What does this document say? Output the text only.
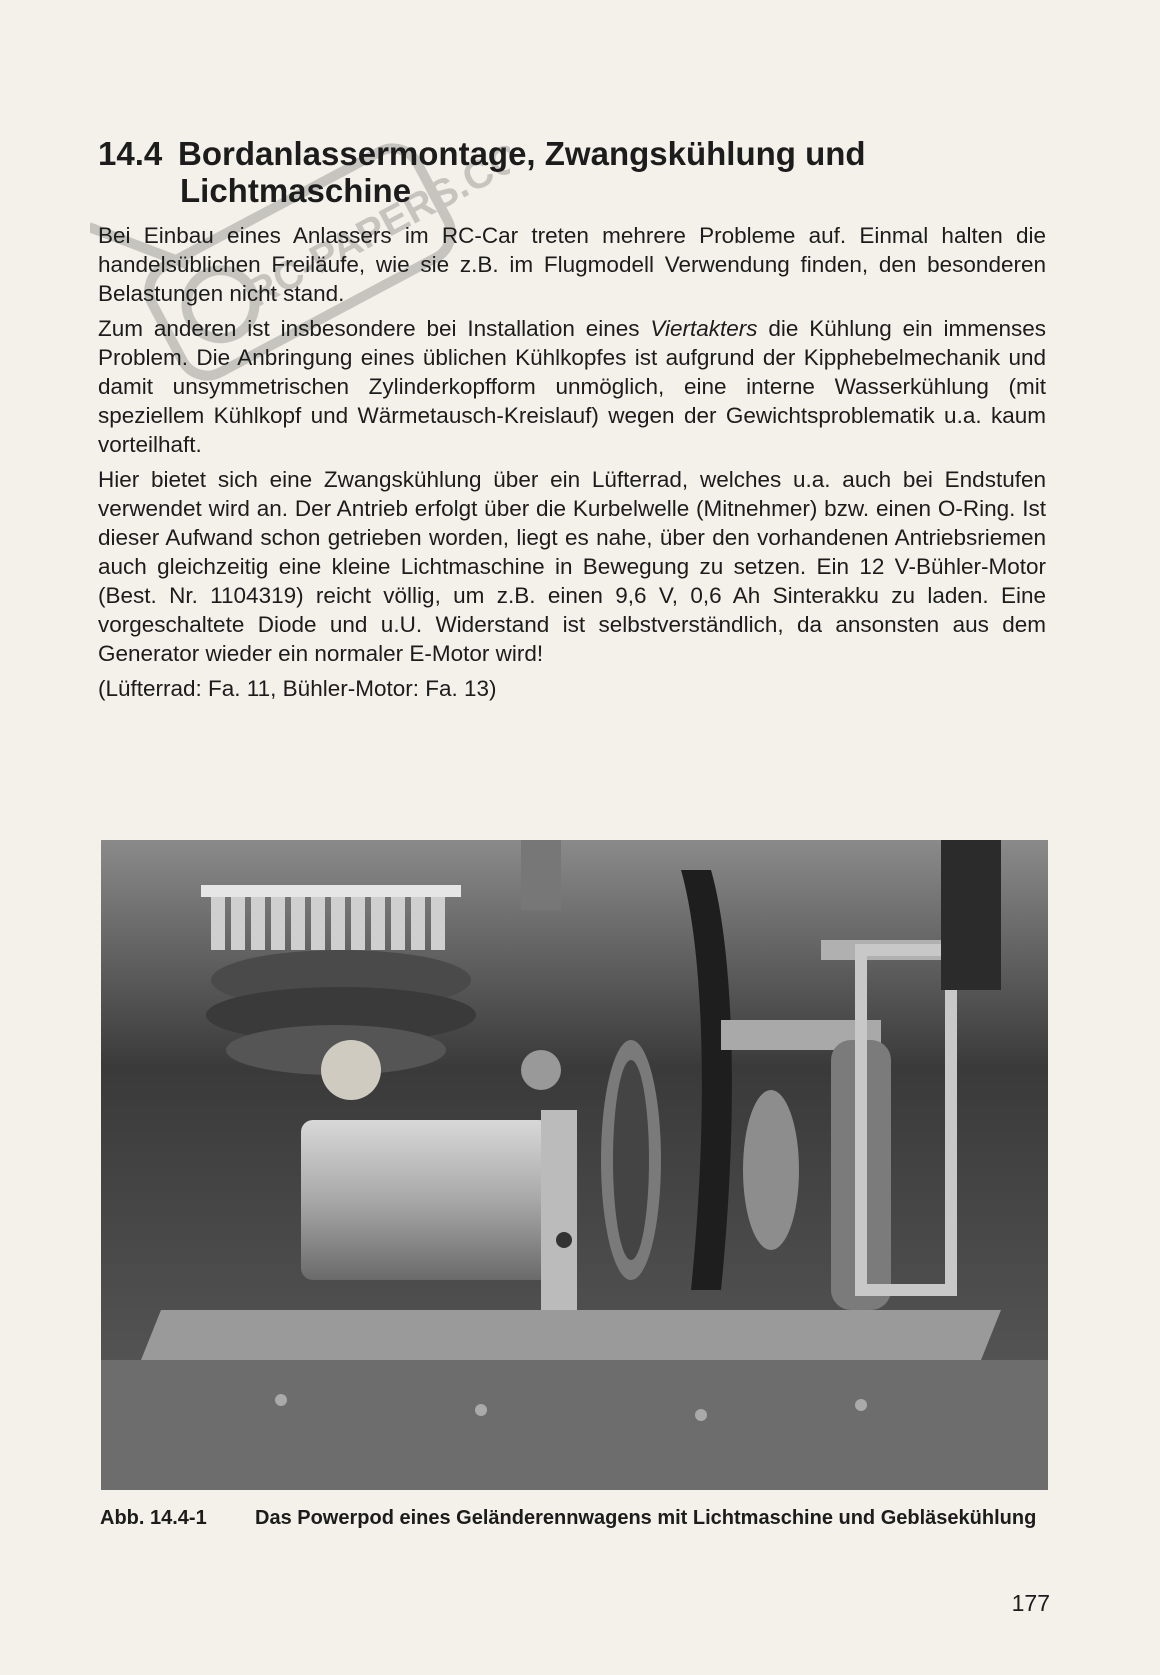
RC-PAPERS.COM
14.4 Bordanlassermontage, Zwangskühlung und
Lichtmaschine

Bei Einbau eines Anlassers im RC-Car treten mehrere Probleme auf. Einmal halten die handelsüblichen Freiläufe, wie sie z.B. im Flugmodell Verwendung finden, den besonderen Belastungen nicht stand.

Zum anderen ist insbesondere bei Installation eines Viertakters die Kühlung ein immenses Problem. Die Anbringung eines üblichen Kühlkopfes ist aufgrund der Kipphebelmechanik und damit unsymmetrischen Zylinderkopfform unmöglich, eine interne Wasserkühlung (mit speziellem Kühlkopf und Wärmetausch-Kreislauf) wegen der Gewichtsproblematik u.a. kaum vorteilhaft.

Hier bietet sich eine Zwangskühlung über ein Lüfterrad, welches u.a. auch bei Endstufen verwendet wird an. Der Antrieb erfolgt über die Kurbelwelle (Mitnehmer) bzw. einen O-Ring. Ist dieser Aufwand schon getrieben worden, liegt es nahe, über den vorhandenen Antriebsriemen auch gleichzeitig eine kleine Lichtmaschine in Bewegung zu setzen. Ein 12 V-Bühler-Motor (Best. Nr. 1104319) reicht völlig, um z.B. einen 9,6 V, 0,6 Ah Sinterakku zu laden. Eine vorgeschaltete Diode und u.U. Widerstand ist selbstverständlich, da ansonsten aus dem Generator wieder ein normaler E-Motor wird!

(Lüfterrad: Fa. 11, Bühler-Motor: Fa. 13)

Abb. 14.4-1	Das Powerpod eines Geländerennwagens mit Lichtmaschine und Gebläsekühlung
177
